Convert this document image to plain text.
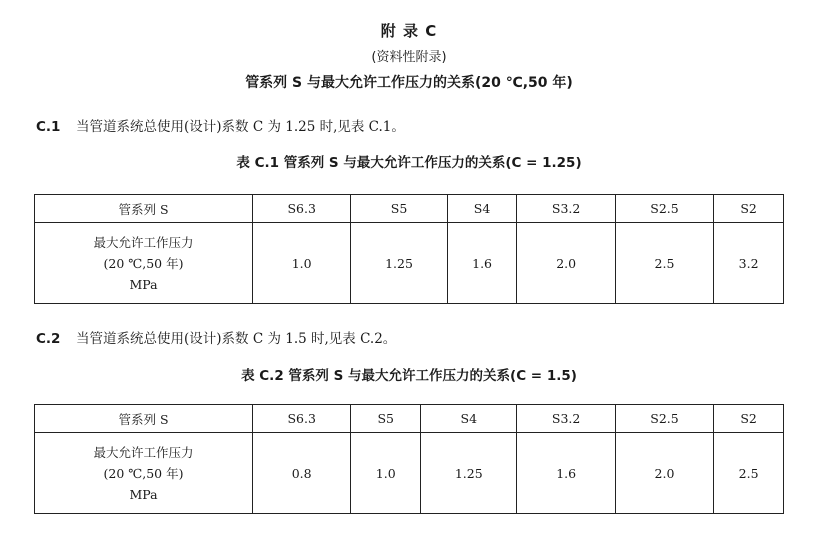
附 录 C
(资料性附录)
管系列 S 与最大允许工作压力的关系(20 ℃,50 年)
C.1 当管道系统总使用(设计)系数 C 为 1.25 时,见表 C.1。
表 C.1 管系列 S 与最大允许工作压力的关系(C = 1.25)
管系列 S	S6.3	S5	S4	S3.2	S2.5	S2

最大允许工作压力
(20 ℃,50 年)
MPa	1.0	1.25	1.6	2.0	2.5	3.2
C.2 当管道系统总使用(设计)系数 C 为 1.5 时,见表 C.2。
表 C.2 管系列 S 与最大允许工作压力的关系(C = 1.5)
管系列 S	S6.3	S5	S4	S3.2	S2.5	S2

最大允许工作压力
(20 ℃,50 年)
MPa	0.8	1.0	1.25	1.6	2.0	2.5
